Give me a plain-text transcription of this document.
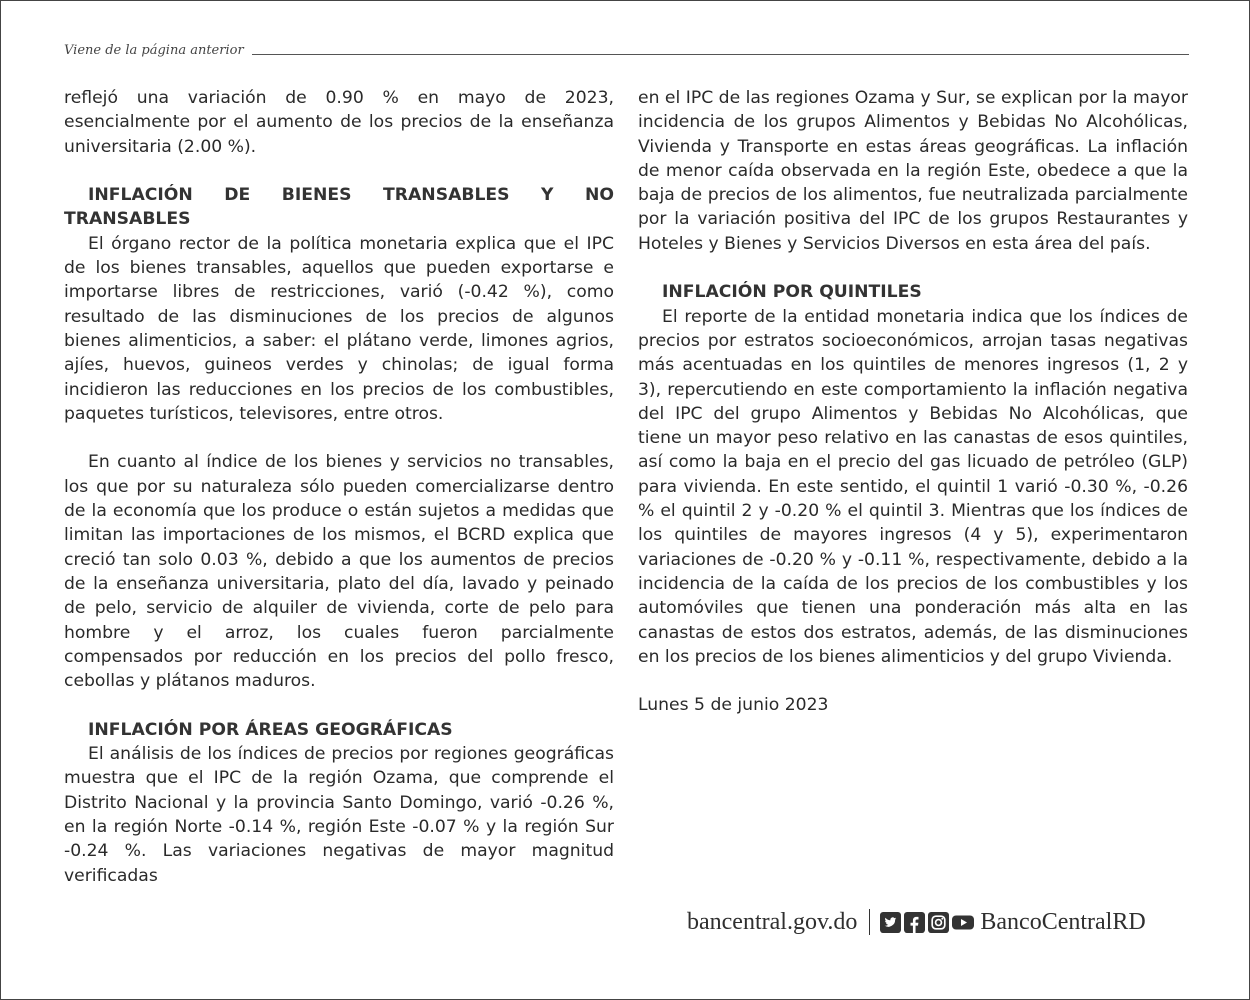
Viene de la página anterior

reflejó una variación de 0.90 % en mayo de 2023, esencialmente por el aumento de los precios de la enseñanza universitaria (2.00 %).

INFLACIÓN DE BIENES TRANSABLES Y NO TRANSABLES

El órgano rector de la política monetaria explica que el IPC de los bienes transables, aquellos que pueden exportarse e importarse libres de restricciones, varió (-0.42 %), como resultado de las disminuciones de los precios de algunos bienes alimenticios, a saber: el plátano verde, limones agrios, ajíes, huevos, guineos verdes y chinolas; de igual forma incidieron las reducciones en los precios de los combustibles, paquetes turísticos, televisores, entre otros.

En cuanto al índice de los bienes y servicios no transables, los que por su naturaleza sólo pueden comercializarse dentro de la economía que los produce o están sujetos a medidas que limitan las importaciones de los mismos, el BCRD explica que creció tan solo 0.03 %, debido a que los aumentos de precios de la enseñanza universitaria, plato del día, lavado y peinado de pelo, servicio de alquiler de vivienda, corte de pelo para hombre y el arroz, los cuales fueron parcialmente compensados por reducción en los precios del pollo fresco, cebollas y plátanos maduros.

INFLACIÓN POR ÁREAS GEOGRÁFICAS

El análisis de los índices de precios por regiones geográficas muestra que el IPC de la región Ozama, que comprende el Distrito Nacional y la provincia Santo Domingo, varió -0.26 %, en la región Norte -0.14 %, región Este -0.07 % y la región Sur -0.24 %. Las variaciones negativas de mayor magnitud verificadas

en el IPC de las regiones Ozama y Sur, se explican por la mayor incidencia de los grupos Alimentos y Bebidas No Alcohólicas, Vivienda y Transporte en estas áreas geográficas. La inflación de menor caída observada en la región Este, obedece a que la baja de precios de los alimentos, fue neutralizada parcialmente por la variación positiva del IPC de los grupos Restaurantes y Hoteles y Bienes y Servicios Diversos en esta área del país.

INFLACIÓN POR QUINTILES

El reporte de la entidad monetaria indica que los índices de precios por estratos socioeconómicos, arrojan tasas negativas más acentuadas en los quintiles de menores ingresos (1, 2 y 3), repercutiendo en este comportamiento la inflación negativa del IPC del grupo Alimentos y Bebidas No Alcohólicas, que tiene un mayor peso relativo en las canastas de esos quintiles, así como la baja en el precio del gas licuado de petróleo (GLP) para vivienda. En este sentido, el quintil 1 varió -0.30 %, -0.26 % el quintil 2 y -0.20 % el quintil 3. Mientras que los índices de los quintiles de mayores ingresos (4 y 5), experimentaron variaciones de -0.20 % y -0.11 %, respectivamente, debido a la incidencia de la caída de los precios de los combustibles y los automóviles que tienen una ponderación más alta en las canastas de estos dos estratos, además, de las disminuciones en los precios de los bienes alimenticios y del grupo Vivienda.

Lunes 5 de junio 2023

bancentral.gov.do	BancoCentralRD
